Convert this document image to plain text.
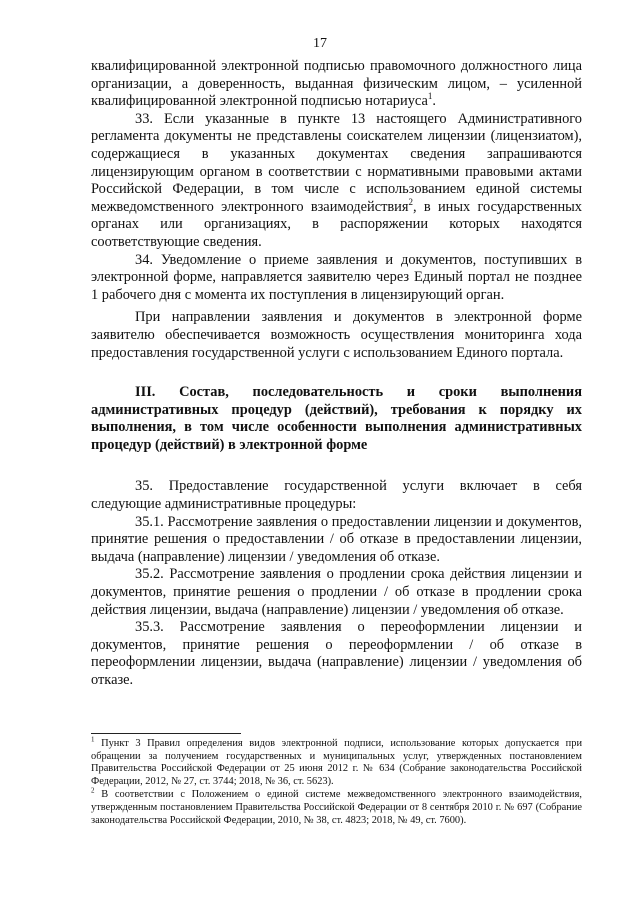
17

квалифицированной электронной подписью правомочного должностного лица организации, а доверенность, выданная физическим лицом, – усиленной квалифицированной электронной подписью нотариуса$^1$.

33. Если указанные в пункте 13 настоящего Административного регламента документы не представлены соискателем лицензии (лицензиатом), содержащиеся в указанных документах сведения запрашиваются лицензирующим органом в соответствии с нормативными правовыми актами Российской Федерации, в том числе с использованием единой системы межведомственного электронного взаимодействия$^2$, в иных государственных органах или организациях, в распоряжении которых находятся соответствующие сведения.

34. Уведомление о приеме заявления и документов, поступивших в электронной форме, направляется заявителю через Единый портал не позднее 1 рабочего дня с момента их поступления в лицензирующий орган.

При направлении заявления и документов в электронной форме заявителю обеспечивается возможность осуществления мониторинга хода предоставления государственной услуги с использованием Единого портала.

III. Состав, последовательность и сроки выполнения административных процедур (действий), требования к порядку их выполнения, в том числе особенности выполнения административных процедур (действий) в электронной форме

35. Предоставление государственной услуги включает в себя следующие административные процедуры:

35.1. Рассмотрение заявления о предоставлении лицензии и документов, принятие решения о предоставлении / об отказе в предоставлении лицензии, выдача (направление) лицензии / уведомления об отказе.

35.2. Рассмотрение заявления о продлении срока действия лицензии и документов, принятие решения о продлении / об отказе в продлении срока действия лицензии, выдача (направление) лицензии / уведомления об отказе.

35.3. Рассмотрение заявления о переоформлении лицензии и документов, принятие решения о переоформлении / об отказе в переоформлении лицензии, выдача (направление) лицензии / уведомления об отказе.

$^1$ Пункт 3 Правил определения видов электронной подписи, использование которых допускается при обращении за получением государственных и муниципальных услуг, утвержденных постановлением Правительства Российской Федерации от 25 июня 2012 г. № 634 (Собрание законодательства Российской Федерации, 2012, № 27, ст. 3744; 2018, № 36, ст. 5623).

$^2$ В соответствии с Положением о единой системе межведомственного электронного взаимодействия, утвержденным постановлением Правительства Российской Федерации от 8 сентября 2010 г. № 697 (Собрание законодательства Российской Федерации, 2010, № 38, ст. 4823; 2018, № 49, ст. 7600).
